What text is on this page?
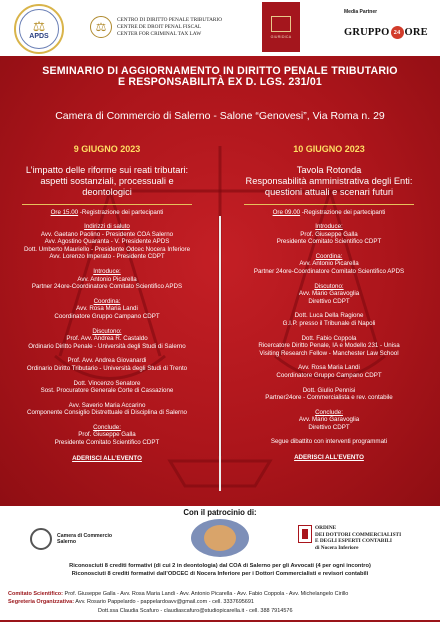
⚖
APDS
⚖
CENTRO DI DIRITTO PENALE TRIBUTARIO
CENTRE DE DROIT PENAL FISCAL
CENTER FOR CRIMINAL TAX LAW	GIURIDICA
Media Partner
GRUPPO 24 ORE
SEMINARIO DI AGGIORNAMENTO IN DIRITTO PENALE TRIBUTARIO
E RESPONSABILITÀ EX D. LGS. 231/01
Camera di Commercio di Salerno - Salone “Genovesi”, Via Roma n. 29
9 GIUGNO 2023
L’impatto delle riforme sui reati tributari:
aspetti sostanziali, processuali e
deontologici
Ore 15.00 -Registrazione dei partecipanti
Indirizzi di saluto
Avv. Gaetano Paolino - Presidente COA Salerno
Avv. Agostino Quaranta - V. Presidente APDS
Dott. Umberto Mauriello - Presidente Odcec Nocera Inferiore
Avv. Lorenzo Imperato - Presidente CDPT
Introduce:
Avv. Antonio Picarella
Partner 24ore-Coordinatore Comitato Scientifico APDS
Coordina:
Avv. Rosa Maria Landi
Coordinatore Gruppo Campano CDPT
Discutono:
Prof. Avv. Andrea R. Castaldo
Ordinario Diritto Penale - Università degli Studi di Salerno
Prof. Avv. Andrea Giovanardi
Ordinario Diritto Tributario - Università degli Studi di Trento
Dott. Vincenzo Senatore
Sost. Procuratore Generale Corte di Cassazione
Avv. Saverio Maria Accarino
Componente Consiglio Distrettuale di Disciplina di Salerno
Conclude:
Prof. Giuseppe Galla
Presidente Comitato Scientifico CDPT
ADERISCI ALL’EVENTO
10 GIUGNO 2023
Tavola Rotonda
Responsabilità amministrativa degli Enti:
questioni attuali e scenari futuri
Ore 09.00 -Registrazione dei partecipanti
Introduce:
Prof. Giuseppe Galla
Presidente Comitato Scientifico CDPT
Coordina:
Avv. Antonio Picarella
Partner 24ore-Coordinatore Comitato Scientifico APDS
Discutono:
Avv. Mario Garavoglia
Direttivo CDPT
Dott. Luca Della Ragione
G.I.P. presso il Tribunale di Napoli
Dott. Fabio Coppola
Ricercatore Diritto Penale, IA e Modello 231 - Unisa
Visiting Research Fellow - Manchester Law School
Avv. Rosa Maria Landi
Coordinatore Gruppo Campano CDPT
Dott. Giulio Pennisi
Partner24ore - Commercialista e rev. contabile
Conclude:
Avv. Mario Garavoglia
Direttivo CDPT
Segue dibattito con interventi programmati
ADERISCI ALL’EVENTO
Con il patrocinio di:
Camera di Commercio
Salerno
ORDINE
DEI DOTTORI COMMERCIALISTI
E DEGLI ESPERTI CONTABILI
di Nocera Inferiore
Riconosciuti 8 crediti formativi (di cui 2 in deontologia) dal COA di Salerno per gli Avvocati (4 per ogni incontro)
Riconosciuti 8 crediti formativi dall’ODCEC di Nocera Inferiore per i Dottori Commercialisti e revisori contabili
Comitato Scientifico: Prof. Giuseppe Galla - Avv. Rosa Maria Landi - Avv. Antonio Picarella - Avv. Fabio Coppola - Avv. Michelangelo Cirillo
Segreteria Organizzativa: Avv. Rosario Pappelardo - pappelardoavv@gmail.com - cell. 3337695691
Dott.ssa Claudia Scafuro - claudiascafuro@studiopicarella.it - cell. 388 7914576
